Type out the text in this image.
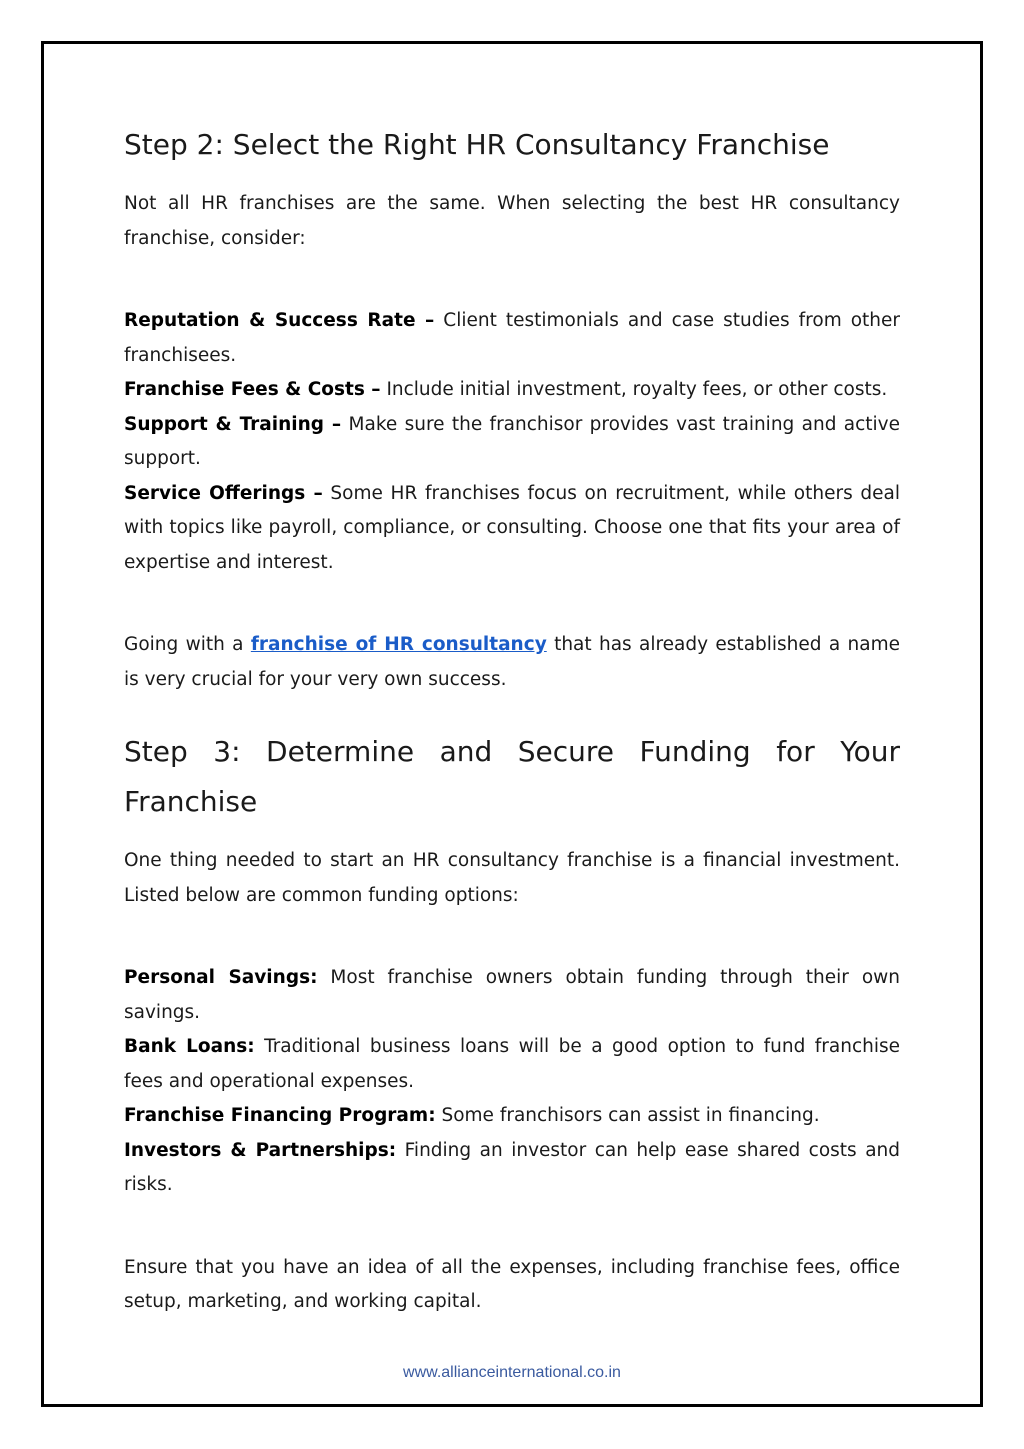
Step 2: Select the Right HR Consultancy Franchise

Not all HR franchises are the same. When selecting the best HR consultancy franchise, consider:

Reputation & Success Rate – Client testimonials and case studies from other franchisees.

Franchise Fees & Costs – Include initial investment, royalty fees, or other costs.

Support & Training – Make sure the franchisor provides vast training and active support.

Service Offerings – Some HR franchises focus on recruitment, while others deal with topics like payroll, compliance, or consulting. Choose one that fits your area of expertise and interest.

Going with a franchise of HR consultancy that has already established a name is very crucial for your very own success.

Step 3: Determine and Secure Funding for Your Franchise

One thing needed to start an HR consultancy franchise is a financial investment. Listed below are common funding options:

Personal Savings: Most franchise owners obtain funding through their own savings.

Bank Loans: Traditional business loans will be a good option to fund franchise fees and operational expenses.

Franchise Financing Program: Some franchisors can assist in financing.

Investors & Partnerships: Finding an investor can help ease shared costs and risks.

Ensure that you have an idea of all the expenses, including franchise fees, office setup, marketing, and working capital.

www.allianceinternational.co.in
